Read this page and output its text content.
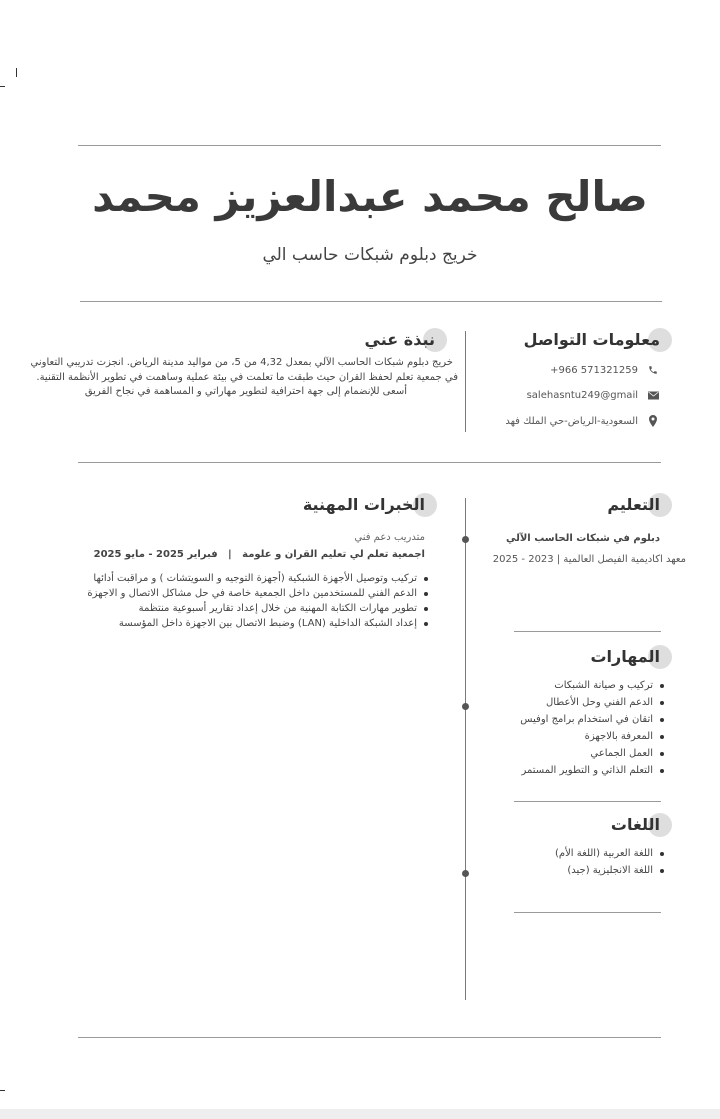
صالح محمد عبدالعزيز محمد
خريج دبلوم شبكات حاسب الي
معلومات التواصل
+966 571321259
salehasntu249@gmail
السعودية-الرياض-حي الملك فهد
نبذة عني
خريج دبلوم شبكات الحاسب الآلي بمعدل 4,32 من 5، من مواليد مدينة الرياض. انجزت تدريبي التعاوني
في جمعية تعلم لحفظ القران حيث طبقت ما تعلمت في بيئة عملية وساهمت في تطوير الأنظمة التقنية.
أسعى للإنضمام إلى جهة احترافية لتطوير مهاراتي و المساهمة في نجاح الفريق
التعليم
دبلوم في شبكات الحاسب الآلي
معهد اكاديمية الفيصل العالمية | 2023 - 2025
المهارات
تركيب و صيانة الشبكات
الدعم الفني وحل الأعطال
اتقان في استخدام برامج اوفيس
المعرفة بالاجهزة
العمل الجماعي
التعلم الذاتي و التطوير المستمر
اللغات
اللغة العربية (اللغة الأم)
اللغة الانجليزية (جيد)
الخبرات المهنية
متدريب دعم فني
اجمعية تعلم لي تعليم القران و علومة   |   فبراير 2025 - مايو 2025
تركيب وتوصيل الأجهزة الشبكية (أجهزة التوجيه و السويتشات ) و مراقبت أدائها
الدعم الفني للمستخدمين داخل الجمعية خاصة في حل مشاكل الاتصال و الاجهزة
تطوير مهارات الكتابة المهنية من خلال إعداد تقارير أسبوعية منتظمة
إعداد الشبكة الداخلية (LAN) وضبط الاتصال بين الاجهزة داخل المؤسسة
